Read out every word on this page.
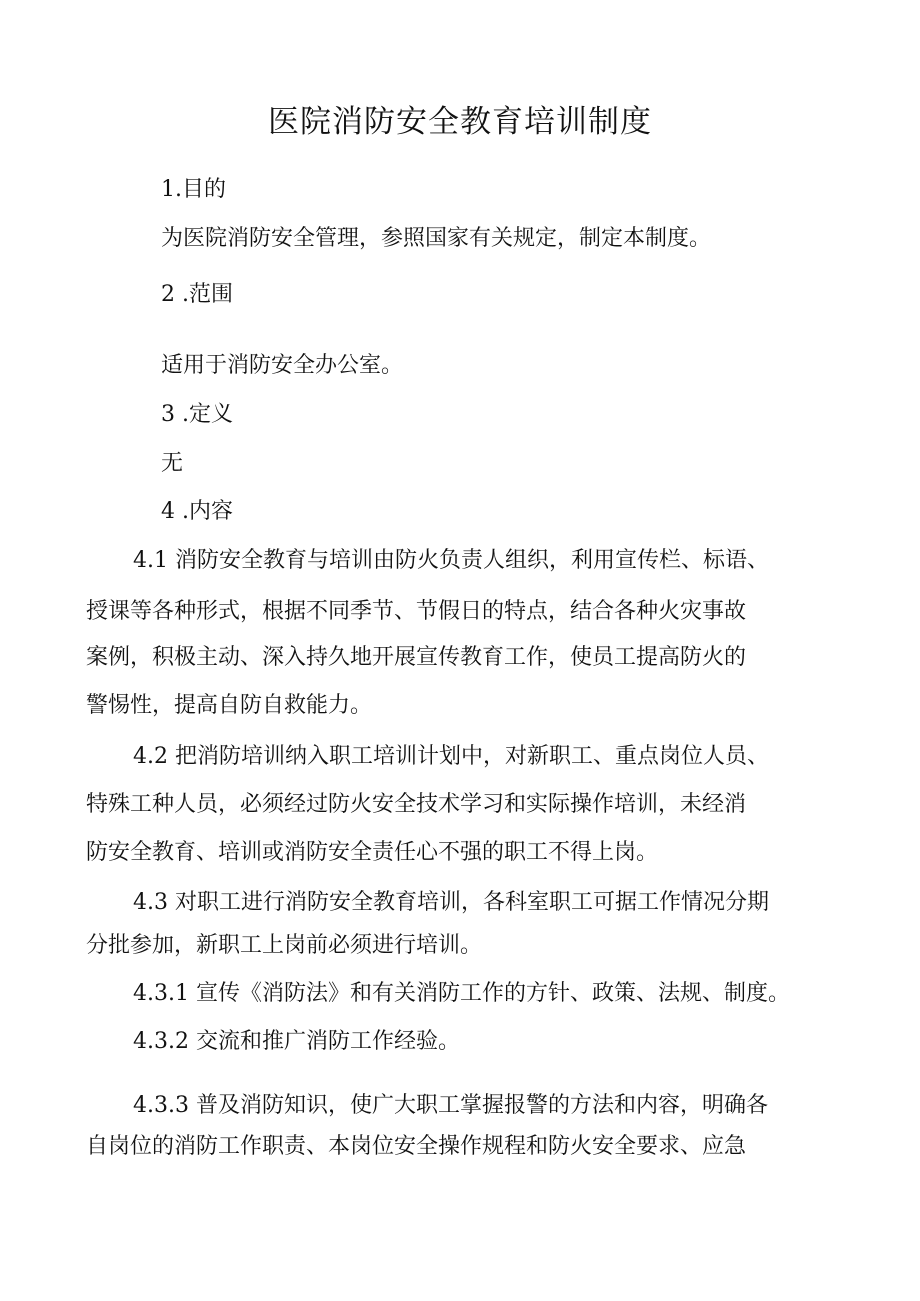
医院消防安全教育培训制度
1.目的
为医院消防安全管理，参照国家有关规定，制定本制度。
2 .范围
适用于消防安全办公室。
3 .定义
无
4 .内容
4.1 消防安全教育与培训由防火负责人组织，利用宣传栏、标语、
授课等各种形式，根据不同季节、节假日的特点，结合各种火灾事故
案例，积极主动、深入持久地开展宣传教育工作，使员工提高防火的
警惕性，提高自防自救能力。
4.2 把消防培训纳入职工培训计划中，对新职工、重点岗位人员、
特殊工种人员，必须经过防火安全技术学习和实际操作培训，未经消
防安全教育、培训或消防安全责任心不强的职工不得上岗。
4.3 对职工进行消防安全教育培训，各科室职工可据工作情况分期
分批参加，新职工上岗前必须进行培训。
4.3.1 宣传《消防法》和有关消防工作的方针、政策、法规、制度。
4.3.2 交流和推广消防工作经验。
4.3.3 普及消防知识，使广大职工掌握报警的方法和内容，明确各
自岗位的消防工作职责、本岗位安全操作规程和防火安全要求、应急
